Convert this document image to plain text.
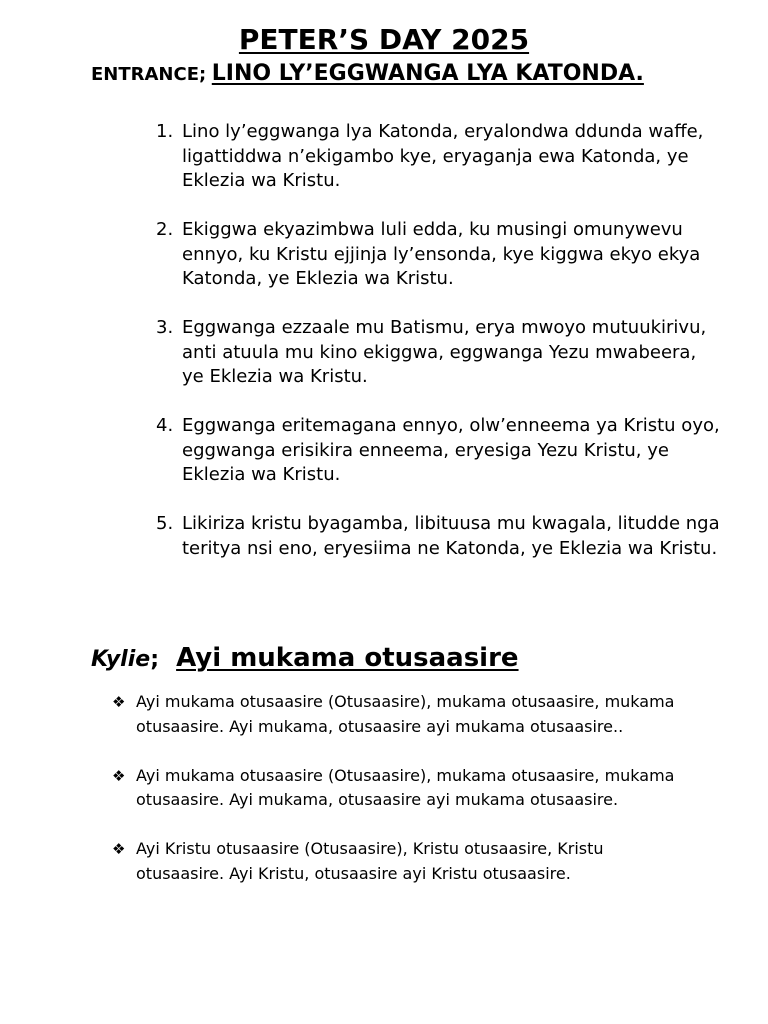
PETER’S DAY 2025
ENTRANCE; LINO LY’EGGWANGA LYA KATONDA.
Lino ly’eggwanga lya Katonda, eryalondwa ddunda waffe, ligattiddwa n’ekigambo kye, eryaganja ewa Katonda, ye Eklezia wa Kristu.
Ekiggwa ekyazimbwa luli edda, ku musingi omunywevu ennyo, ku Kristu ejjinja ly’ensonda, kye kiggwa ekyo ekya Katonda, ye Eklezia wa Kristu.
Eggwanga ezzaale mu Batismu, erya mwoyo mutuukirivu, anti atuula mu kino ekiggwa, eggwanga Yezu mwabeera, ye Eklezia wa Kristu.
Eggwanga eritemagana ennyo, olw’enneema ya Kristu oyo, eggwanga erisikira enneema, eryesiga Yezu Kristu, ye Eklezia wa Kristu.
Likiriza kristu byagamba, libituusa mu kwagala, litudde nga teritya nsi eno, eryesiima ne Katonda, ye Eklezia wa Kristu.
Kylie; Ayi mukama otusaasire
❖ Ayi mukama otusaasire (Otusaasire), mukama otusaasire, mukama otusaasire. Ayi mukama, otusaasire ayi mukama otusaasire..
❖ Ayi mukama otusaasire (Otusaasire), mukama otusaasire, mukama otusaasire. Ayi mukama, otusaasire ayi mukama otusaasire.
❖ Ayi Kristu otusaasire (Otusaasire), Kristu otusaasire, Kristu otusaasire. Ayi Kristu, otusaasire ayi Kristu otusaasire.
